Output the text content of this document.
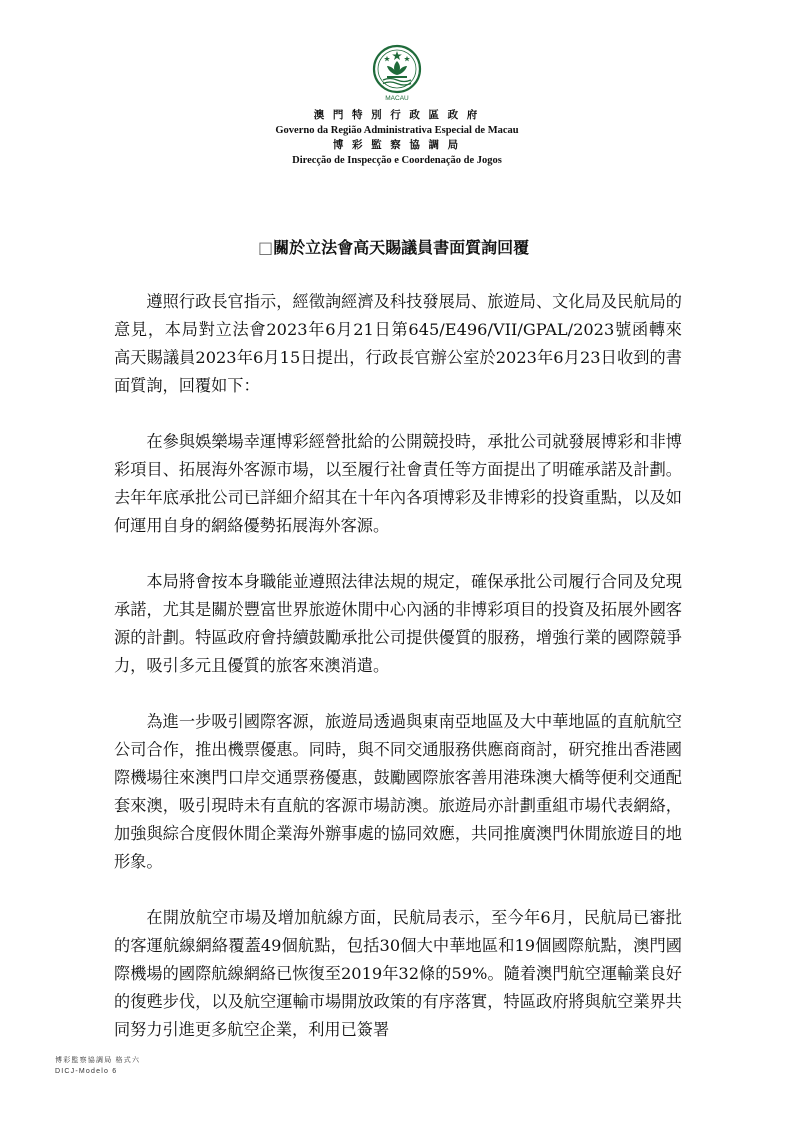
MACAU
澳 門 特 別 行 政 區 政 府
Governo da Região Administrativa Especial de Macau
博 彩 監 察 協 調 局
Direcção de Inspecção e Coordenação de Jogos
□關於立法會高天賜議員書面質詢回覆

遵照行政長官指示，經徵詢經濟及科技發展局、旅遊局、文化局及民航局的意見，本局對立法會2023年6月21日第645/E496/VII/GPAL/2023號函轉來高天賜議員2023年6月15日提出，行政長官辦公室於2023年6月23日收到的書面質詢，回覆如下：

在參與娛樂場幸運博彩經營批給的公開競投時，承批公司就發展博彩和非博彩項目、拓展海外客源市場，以至履行社會責任等方面提出了明確承諾及計劃。去年年底承批公司已詳細介紹其在十年內各項博彩及非博彩的投資重點，以及如何運用自身的網絡優勢拓展海外客源。

本局將會按本身職能並遵照法律法規的規定，確保承批公司履行合同及兌現承諾，尤其是關於豐富世界旅遊休閒中心內涵的非博彩項目的投資及拓展外國客源的計劃。特區政府會持續鼓勵承批公司提供優質的服務，增強行業的國際競爭力，吸引多元且優質的旅客來澳消遣。

為進一步吸引國際客源，旅遊局透過與東南亞地區及大中華地區的直航航空公司合作，推出機票優惠。同時，與不同交通服務供應商商討，研究推出香港國際機場往來澳門口岸交通票務優惠，鼓勵國際旅客善用港珠澳大橋等便利交通配套來澳，吸引現時未有直航的客源市場訪澳。旅遊局亦計劃重組市場代表網絡，加強與綜合度假休閒企業海外辦事處的協同效應，共同推廣澳門休閒旅遊目的地形象。

在開放航空市場及增加航線方面，民航局表示，至今年6月，民航局已審批的客運航線網絡覆蓋49個航點，包括30個大中華地區和19個國際航點，澳門國際機場的國際航線網絡已恢復至2019年32條的59%。隨着澳門航空運輸業良好的復甦步伐，以及航空運輸市場開放政策的有序落實，特區政府將與航空業界共同努力引進更多航空企業，利用已簽署

博彩監察協調局 格式六
DICJ-Modelo 6
